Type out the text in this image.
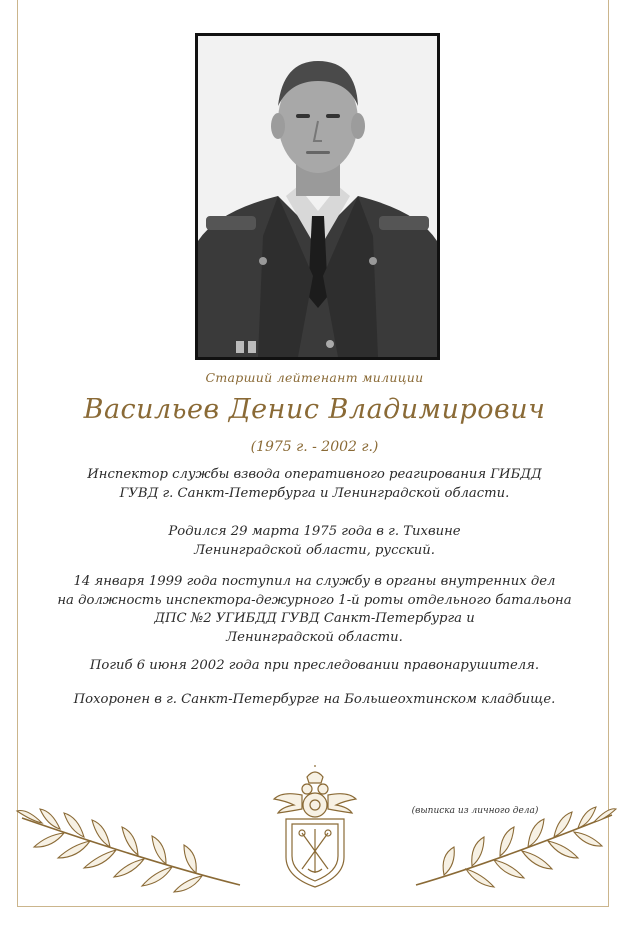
Старший лейтенант милиции
Васильев Денис Владимирович
(1975 г. - 2002 г.)
Инспектор службы взвода оперативного реагирования ГИБДД
ГУВД г. Санкт-Петербурга и Ленинградской области.
Родился 29 марта 1975 года в г. Тихвине
Ленинградской области, русский.
14 января 1999 года поступил на службу в органы внутренних дел
на должность инспектора-дежурного 1-й роты отдельного батальона
ДПС №2 УГИБДД ГУВД Санкт-Петербурга и
Ленинградской области.
Погиб 6 июня 2002 года при преследовании правонарушителя.
Похоронен в г. Санкт-Петербурге на Большеохтинском кладбище.
(выписка из личного дела)
